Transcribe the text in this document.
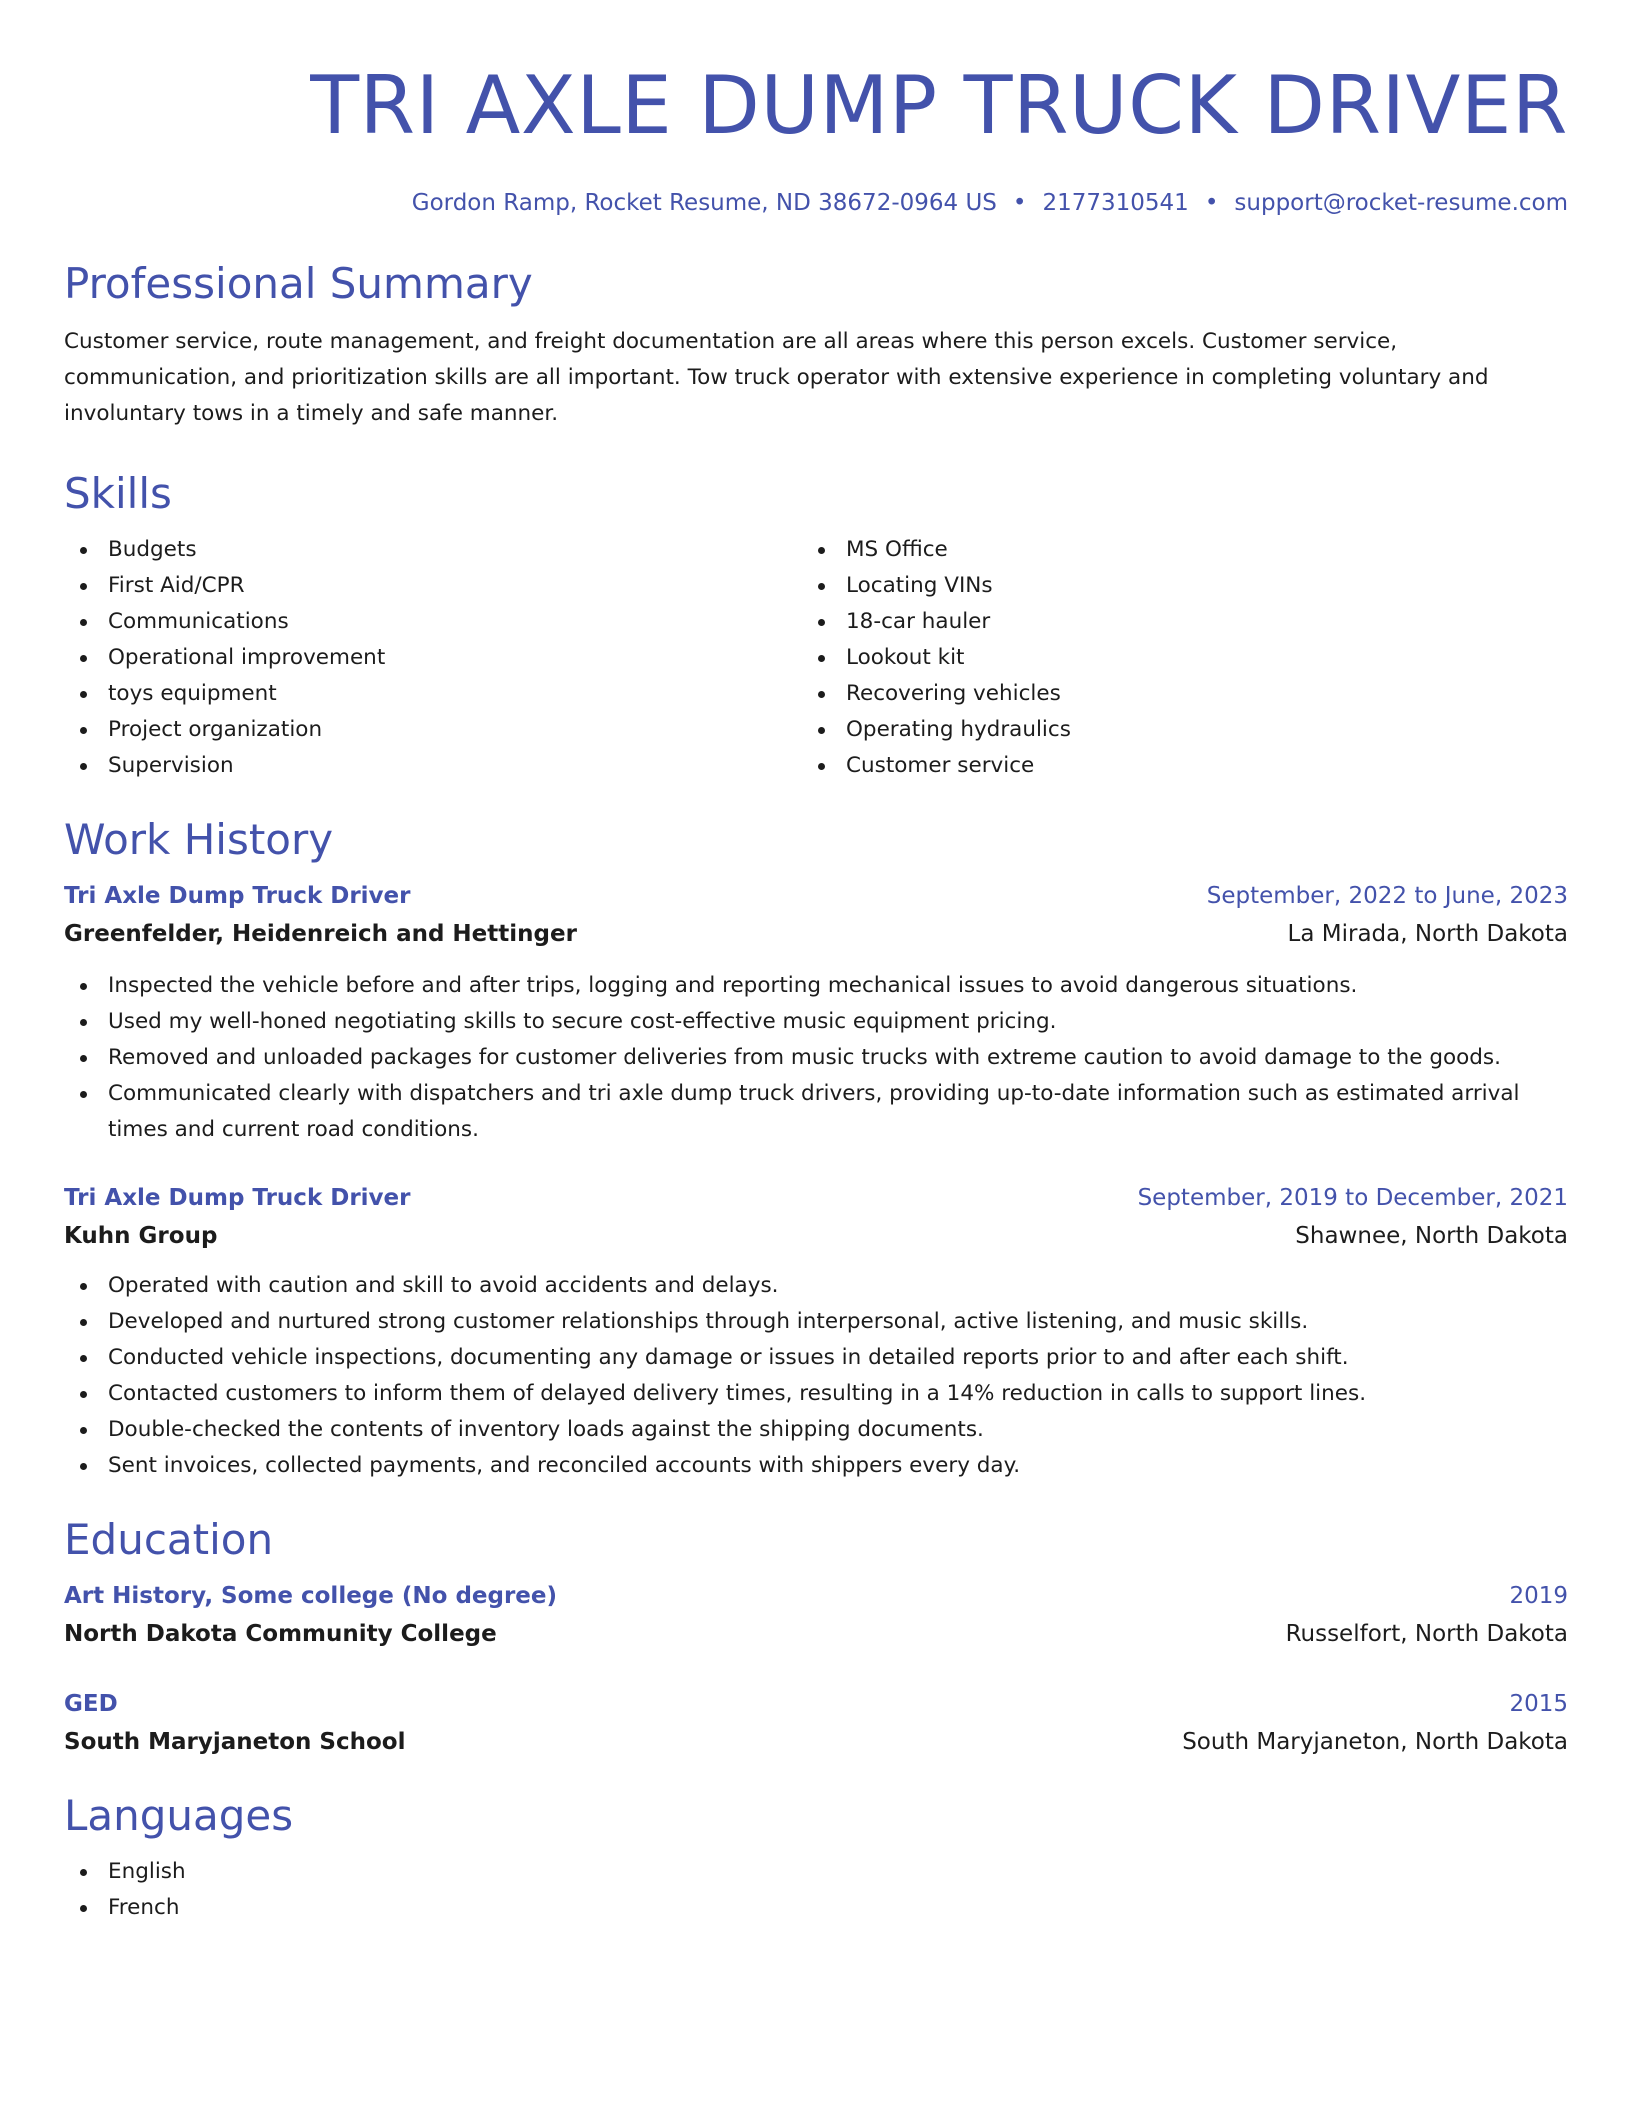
TRI AXLE DUMP TRUCK DRIVER
Gordon Ramp, Rocket Resume, ND 38672-0964 US • 2177310541 • support@rocket-resume.com
Professional Summary

Customer service, route management, and freight documentation are all areas where this person excels. Customer service, communication, and prioritization skills are all important. Tow truck operator with extensive experience in completing voluntary and involuntary tows in a timely and safe manner.

Skills
Budgets
First Aid/CPR
Communications
Operational improvement
toys equipment
Project organization
Supervision
MS Office
Locating VINs
18-car hauler
Lookout kit
Recovering vehicles
Operating hydraulics
Customer service
Work History
Tri Axle Dump Truck Driver	September, 2022 to June, 2023
Greenfelder, Heidenreich and Hettinger	La Mirada, North Dakota
Inspected the vehicle before and after trips, logging and reporting mechanical issues to avoid dangerous situations.
Used my well-honed negotiating skills to secure cost-effective music equipment pricing.
Removed and unloaded packages for customer deliveries from music trucks with extreme caution to avoid damage to the goods.
Communicated clearly with dispatchers and tri axle dump truck drivers, providing up-to-date information such as estimated arrival times and current road conditions.
Tri Axle Dump Truck Driver	September, 2019 to December, 2021
Kuhn Group	Shawnee, North Dakota
Operated with caution and skill to avoid accidents and delays.
Developed and nurtured strong customer relationships through interpersonal, active listening, and music skills.
Conducted vehicle inspections, documenting any damage or issues in detailed reports prior to and after each shift.
Contacted customers to inform them of delayed delivery times, resulting in a 14% reduction in calls to support lines.
Double-checked the contents of inventory loads against the shipping documents.
Sent invoices, collected payments, and reconciled accounts with shippers every day.
Education
Art History, Some college (No degree)	2019
North Dakota Community College	Russelfort, North Dakota
GED	2015
South Maryjaneton School	South Maryjaneton, North Dakota
Languages
English
French
